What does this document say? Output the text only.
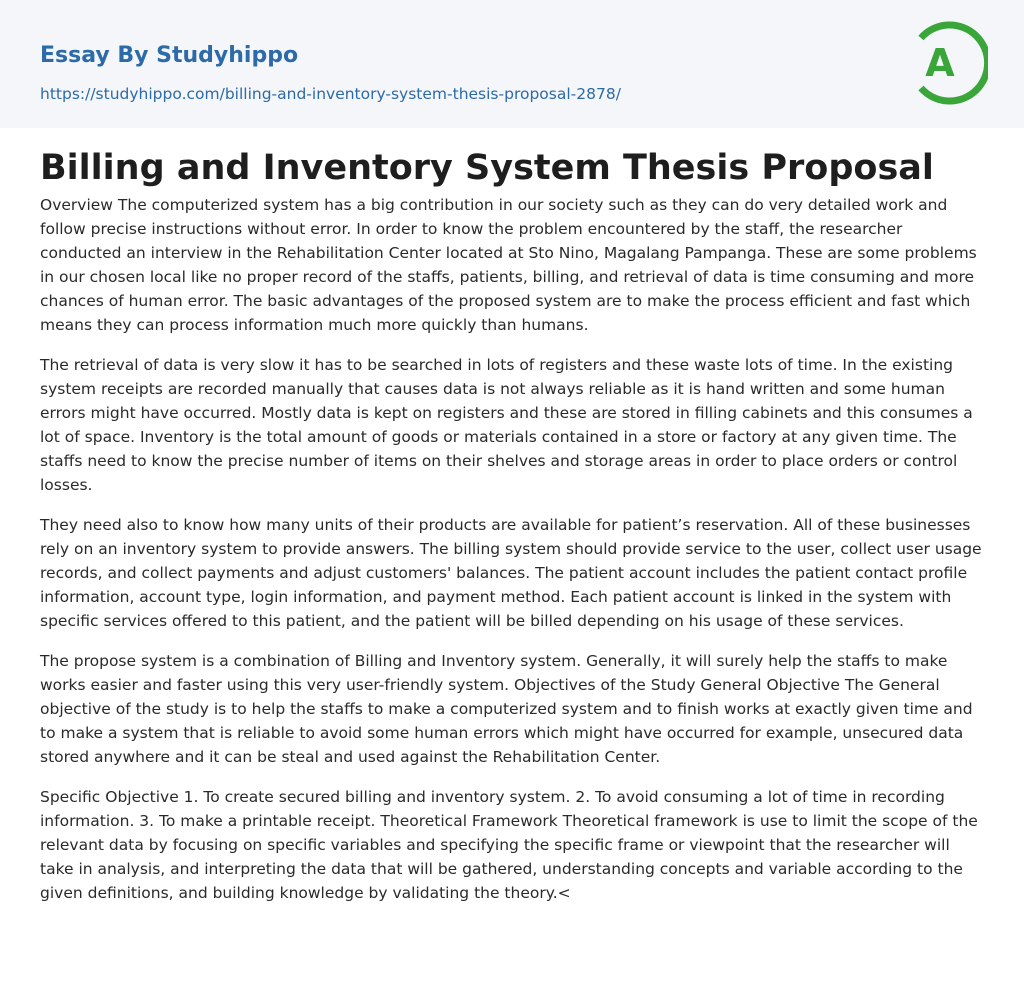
Essay By Studyhippo
https://studyhippo.com/billing-and-inventory-system-thesis-proposal-2878/
A
Billing and Inventory System Thesis Proposal

Overview The computerized system has a big contribution in our society such as they can do very detailed work and follow precise instructions without error. In order to know the problem encountered by the staff, the researcher conducted an interview in the Rehabilitation Center located at Sto Nino, Magalang Pampanga. These are some problems in our chosen local like no proper record of the staffs, patients, billing, and retrieval of data is time consuming and more chances of human error. The basic advantages of the proposed system are to make the process efficient and fast which means they can process information much more quickly than humans.

The retrieval of data is very slow it has to be searched in lots of registers and these waste lots of time. In the existing system receipts are recorded manually that causes data is not always reliable as it is hand written and some human errors might have occurred. Mostly data is kept on registers and these are stored in filling cabinets and this consumes a lot of space. Inventory is the total amount of goods or materials contained in a store or factory at any given time. The staffs need to know the precise number of items on their shelves and storage areas in order to place orders or control losses.

They need also to know how many units of their products are available for patient’s reservation. All of these businesses rely on an inventory system to provide answers. The billing system should provide service to the user, collect user usage records, and collect payments and adjust customers' balances. The patient account includes the patient contact profile information, account type, login information, and payment method. Each patient account is linked in the system with specific services offered to this patient, and the patient will be billed depending on his usage of these services.

The propose system is a combination of Billing and Inventory system. Generally, it will surely help the staffs to make works easier and faster using this very user-friendly system. Objectives of the Study General Objective The General objective of the study is to help the staffs to make a computerized system and to finish works at exactly given time and to make a system that is reliable to avoid some human errors which might have occurred for example, unsecured data stored anywhere and it can be steal and used against the Rehabilitation Center.

Specific Objective 1. To create secured billing and inventory system. 2. To avoid consuming a lot of time in recording information. 3. To make a printable receipt. Theoretical Framework Theoretical framework is use to limit the scope of the relevant data by focusing on specific variables and specifying the specific frame or viewpoint that the researcher will take in analysis, and interpreting the data that will be gathered, understanding concepts and variable according to the given definitions, and building knowledge by validating the theory.<
